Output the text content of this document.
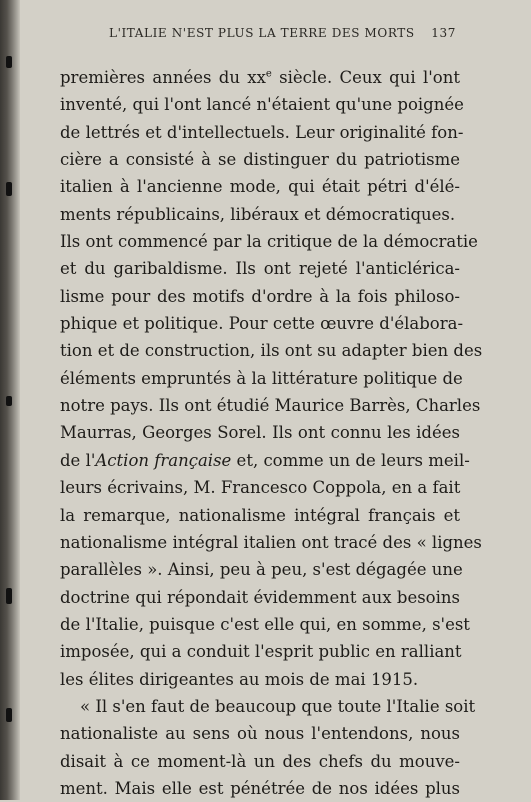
L'ITALIE N'EST PLUS LA TERRE DES MORTS 137
premières années du $xx^e$ siècle. Ceux qui l'ont
inventé, qui l'ont lancé n'étaient qu'une poignée
de lettrés et d'intellectuels. Leur originalité fon-
cière a consisté à se distinguer du patriotisme
italien à l'ancienne mode, qui était pétri d'élé-
ments républicains, libéraux et démocratiques.
Ils ont commencé par la critique de la démocratie
et du garibaldisme. Ils ont rejeté l'anticlérica-
lisme pour des motifs d'ordre à la fois philoso-
phique et politique. Pour cette œuvre d'élabora-
tion et de construction, ils ont su adapter bien des
éléments empruntés à la littérature politique de
notre pays. Ils ont étudié Maurice Barrès, Charles
Maurras, Georges Sorel. Ils ont connu les idées
de l'Action française et, comme un de leurs meil-
leurs écrivains, M. Francesco Coppola, en a fait
la remarque, nationalisme intégral français et
nationalisme intégral italien ont tracé des « lignes
parallèles ». Ainsi, peu à peu, s'est dégagée une
doctrine qui répondait évidemment aux besoins
de l'Italie, puisque c'est elle qui, en somme, s'est
imposée, qui a conduit l'esprit public en ralliant
les élites dirigeantes au mois de mai 1915.
« Il s'en faut de beaucoup que toute l'Italie soit
nationaliste au sens où nous l'entendons, nous
disait à ce moment-là un des chefs du mouve-
ment. Mais elle est pénétrée de nos idées plus
